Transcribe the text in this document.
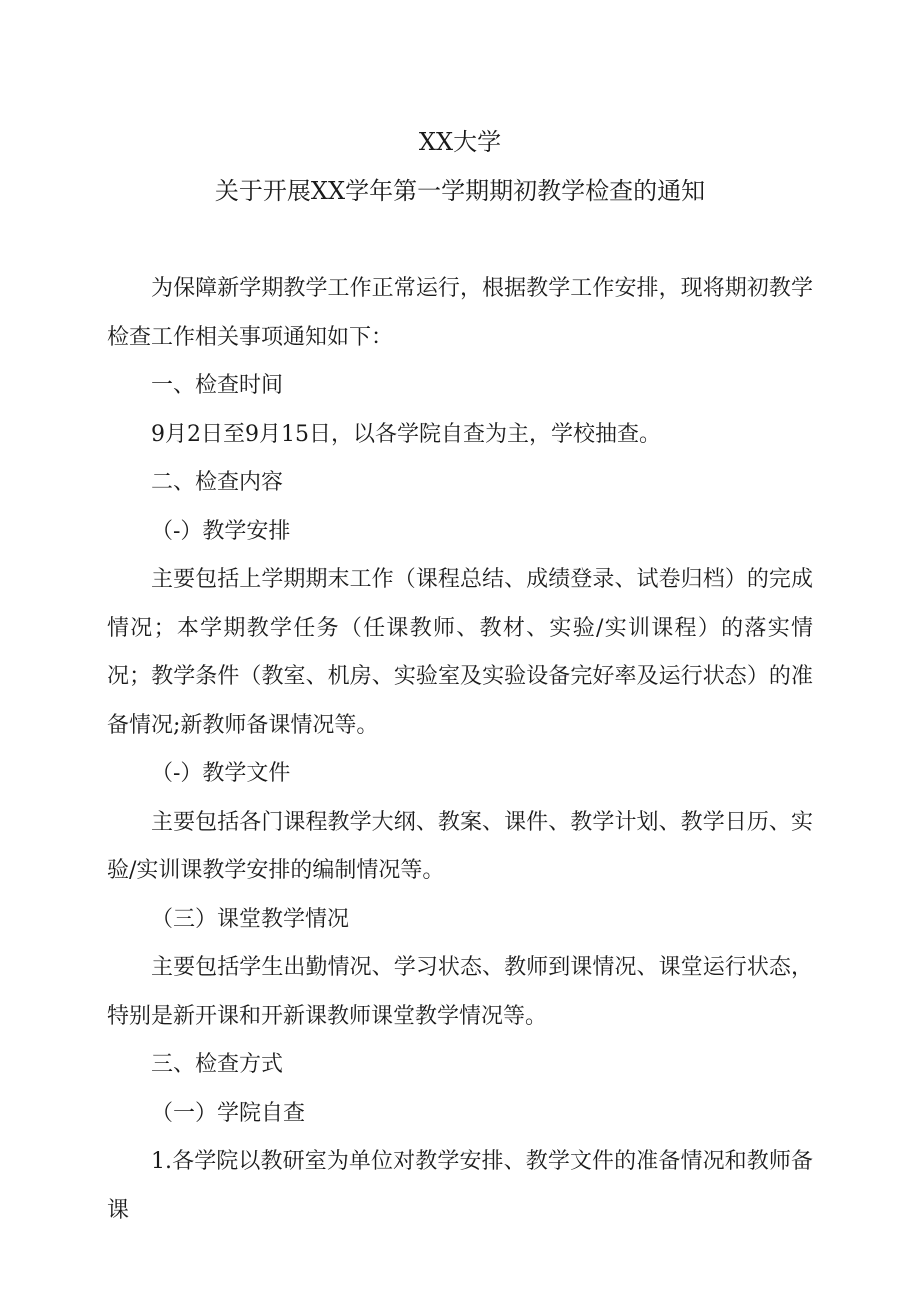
XX大学
关于开展XX学年第一学期期初教学检查的通知

为保障新学期教学工作正常运行，根据教学工作安排，现将期初教学检查工作相关事项通知如下：

一、检查时间

9月2日至9月15日，以各学院自查为主，学校抽查。

二、检查内容

（-）教学安排

主要包括上学期期末工作（课程总结、成绩登录、试卷归档）的完成情况；本学期教学任务（任课教师、教材、实验/实训课程）的落实情况；教学条件（教室、机房、实验室及实验设备完好率及运行状态）的准备情况;新教师备课情况等。

（-）教学文件

主要包括各门课程教学大纲、教案、课件、教学计划、教学日历、实验/实训课教学安排的编制情况等。

（三）课堂教学情况

主要包括学生出勤情况、学习状态、教师到课情况、课堂运行状态，特别是新开课和开新课教师课堂教学情况等。

三、检查方式

（一）学院自查

1.各学院以教研室为单位对教学安排、教学文件的准备情况和教师备课
